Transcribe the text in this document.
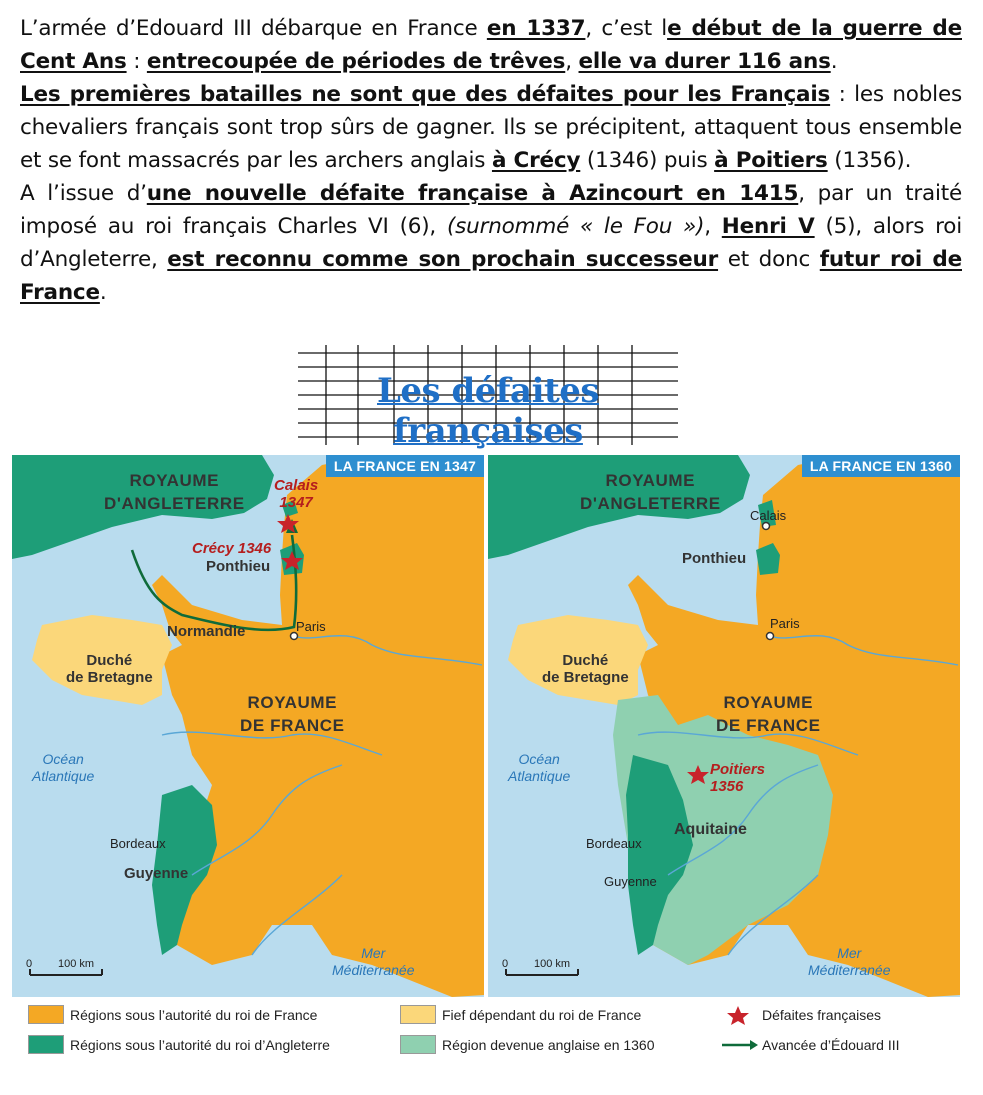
L’armée d’Edouard III débarque en France en 1337, c’est le début de la guerre de Cent Ans : entrecoupée de périodes de trêves, elle va durer 116 ans.

Les premières batailles ne sont que des défaites pour les Français : les nobles chevaliers français sont trop sûrs de gagner. Ils se précipitent, attaquent tous ensemble et se font massacrés par les archers anglais à Crécy (1346) puis à Poitiers (1356).

A l’issue d’une nouvelle défaite française à Azincourt en 1415, par un traité imposé au roi français Charles VI (6), (surnommé « le Fou »), Henri V (5), alors roi d’Angleterre, est reconnu comme son prochain successeur et donc futur roi de France.

Les défaites françaises
LA FRANCE EN 1347
ROYAUME
D'ANGLETERRE
Calais
1347
Crécy 1346
Ponthieu
Normandie	Paris
Duché
de Bretagne
ROYAUME
DE FRANCE
Océan
Atlantique
Bordeaux
Guyenne
Mer
Méditerranée
0 100 km
LA FRANCE EN 1360
ROYAUME
D'ANGLETERRE
Calais
Ponthieu
Paris
Duché
de Bretagne
ROYAUME
DE FRANCE
Poitiers
1356
Océan
Atlantique
Aquitaine
Bordeaux
Guyenne
Mer
Méditerranée
0 100 km
Régions sous l’autorité du roi de France
Régions sous l’autorité du roi d’Angleterre
Fief dépendant du roi de France
Région devenue anglaise en 1360
Défaites françaises
Avancée d’Édouard III
